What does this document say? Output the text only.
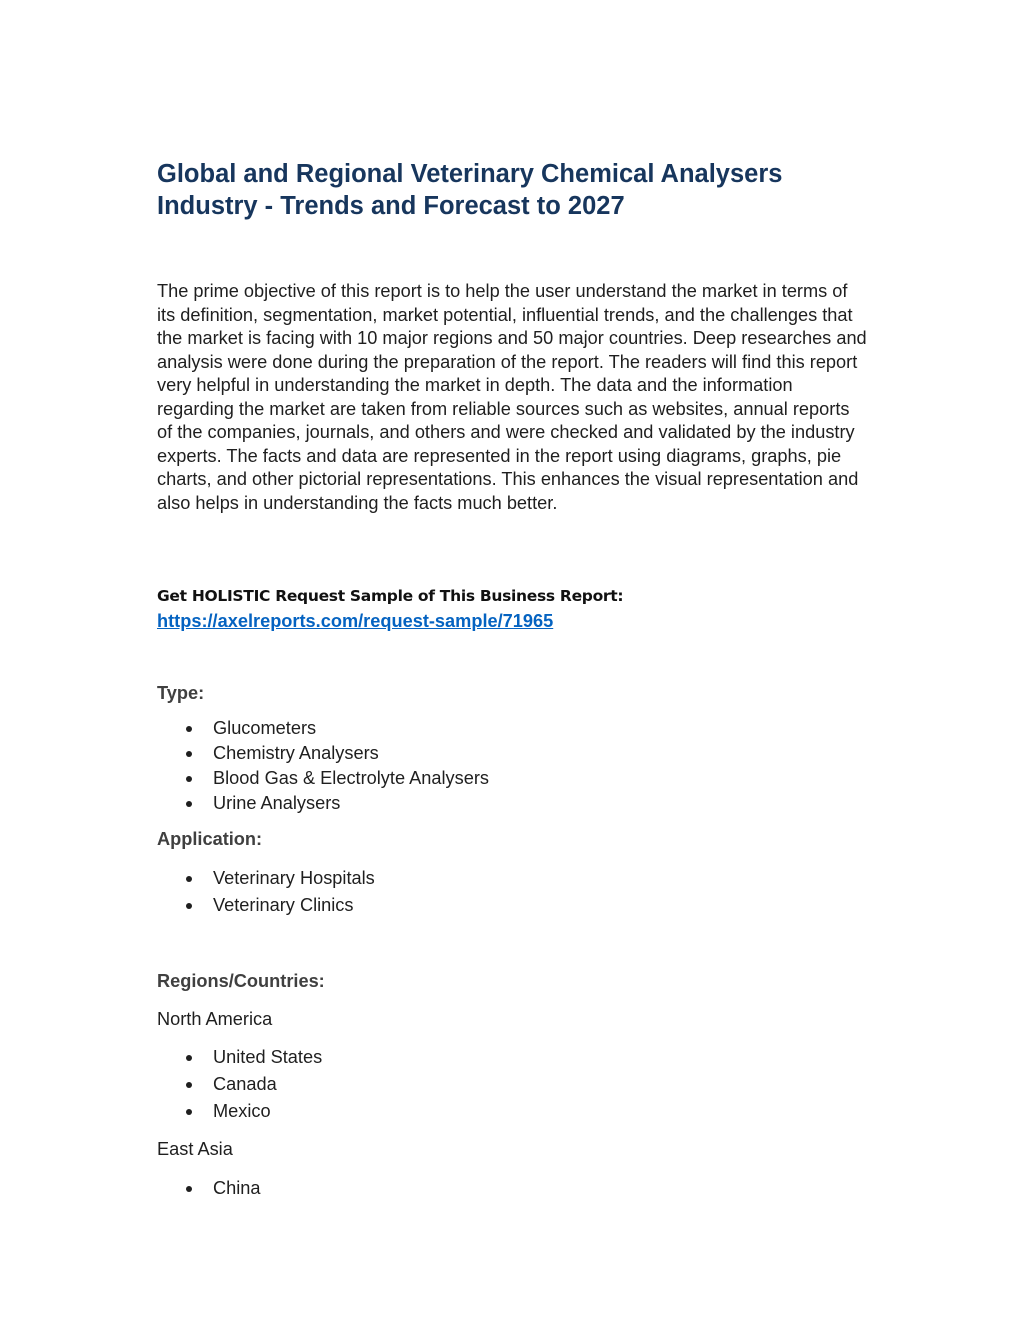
Global and Regional Veterinary Chemical Analysers Industry - Trends and Forecast to 2027

The prime objective of this report is to help the user understand the market in terms of its definition, segmentation, market potential, influential trends, and the challenges that the market is facing with 10 major regions and 50 major countries. Deep researches and analysis were done during the preparation of the report. The readers will find this report very helpful in understanding the market in depth. The data and the information regarding the market are taken from reliable sources such as websites, annual reports of the companies, journals, and others and were checked and validated by the industry experts. The facts and data are represented in the report using diagrams, graphs, pie charts, and other pictorial representations. This enhances the visual representation and also helps in understanding the facts much better.

Get HOLISTIC Request Sample of This Business Report:

https://axelreports.com/request-sample/71965

Type:

Glucometers
Chemistry Analysers
Blood Gas & Electrolyte Analysers
Urine Analysers

Application:

Veterinary Hospitals
Veterinary Clinics

Regions/Countries:

North America

United States
Canada
Mexico

East Asia

China
